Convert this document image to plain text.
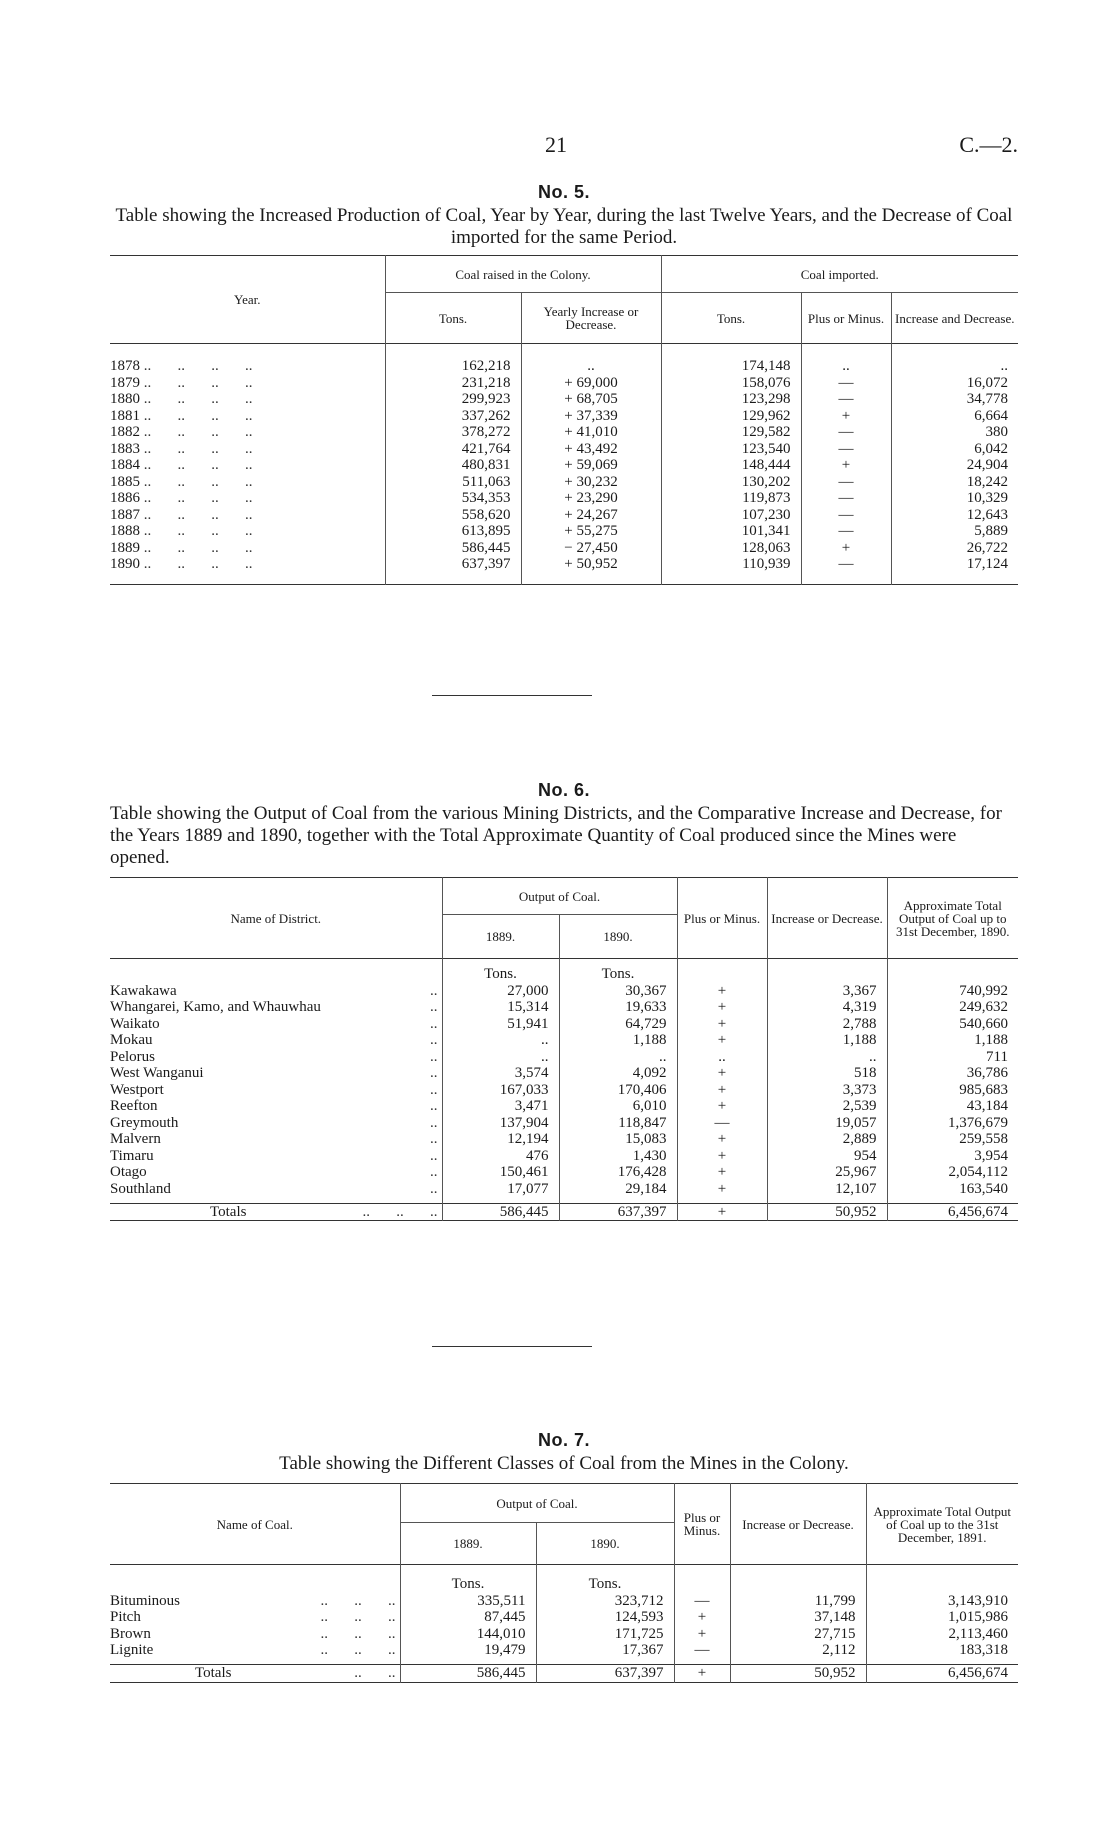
21	C.—2.
No. 5.
Table showing the Increased Production of Coal, Year by Year, during the last Twelve Years, and the Decrease of Coal imported for the same Period.
Year.	Coal raised in the Colony.		Coal imported.		
	Tons.	Yearly Increase or Decrease.	Tons.	Plus or Minus.	Increase and Decrease.

1878 ..       ..       ..       ..	162,218	..	174,148	..	..
1879 ..       ..       ..       ..	231,218	+ 69,000	158,076	—	16,072
1880 ..       ..       ..       ..	299,923	+ 68,705	123,298	—	34,778
1881 ..       ..       ..       ..	337,262	+ 37,339	129,962	+	6,664
1882 ..       ..       ..       ..	378,272	+ 41,010	129,582	—	380
1883 ..       ..       ..       ..	421,764	+ 43,492	123,540	—	6,042
1884 ..       ..       ..       ..	480,831	+ 59,069	148,444	+	24,904
1885 ..       ..       ..       ..	511,063	+ 30,232	130,202	—	18,242
1886 ..       ..       ..       ..	534,353	+ 23,290	119,873	—	10,329
1887 ..       ..       ..       ..	558,620	+ 24,267	107,230	—	12,643
1888 ..       ..       ..       ..	613,895	+ 55,275	101,341	—	5,889
1889 ..       ..       ..       ..	586,445	− 27,450	128,063	+	26,722
1890 ..       ..       ..       ..	637,397	+ 50,952	110,939	—	17,124

No. 6.
Table showing the Output of Coal from the various Mining Districts, and the Comparative Increase and Decrease, for the Years 1889 and 1890, together with the Total Approximate Quantity of Coal produced since the Mines were opened.
Name of District.	Output of Coal.		Plus or Minus.	Increase or Decrease.	Approximate Total Output of Coal up to 31st December, 1890.
	1889.	1890.			
	Tons.	Tons.			
Kawakawa ..	27,000	30,367	+	3,367	740,992
Whangarei, Kamo, and Whauwhau ..	15,314	19,633	+	4,319	249,632
Waikato ..	51,941	64,729	+	2,788	540,660
Mokau ..	..	1,188	+	1,188	1,188
Pelorus ..	..	..	..	..	711
West Wanganui ..	3,574	4,092	+	518	36,786
Westport ..	167,033	170,406	+	3,373	985,683
Reefton ..	3,471	6,010	+	2,539	43,184
Greymouth ..	137,904	118,847	—	19,057	1,376,679
Malvern ..	12,194	15,083	+	2,889	259,558
Timaru ..	476	1,430	+	954	3,954
Otago ..	150,461	176,428	+	25,967	2,054,112
Southland ..	17,077	29,184	+	12,107	163,540

Totals ..       ..       ..	586,445	637,397	+	50,952	6,456,674
No. 7.
Table showing the Different Classes of Coal from the Mines in the Colony.
Name of Coal.	Output of Coal.		Plus or Minus.	Increase or Decrease.	Approximate Total Output of Coal up to the 31st December, 1891.
	1889.	1890.			
	Tons.	Tons.			
Bituminous ..       ..       ..	335,511	323,712	—	11,799	3,143,910
Pitch ..       ..       ..	87,445	124,593	+	37,148	1,015,986
Brown ..       ..       ..	144,010	171,725	+	27,715	2,113,460
Lignite ..       ..       ..	19,479	17,367	—	2,112	183,318

Totals ..       ..	586,445	637,397	+	50,952	6,456,674
